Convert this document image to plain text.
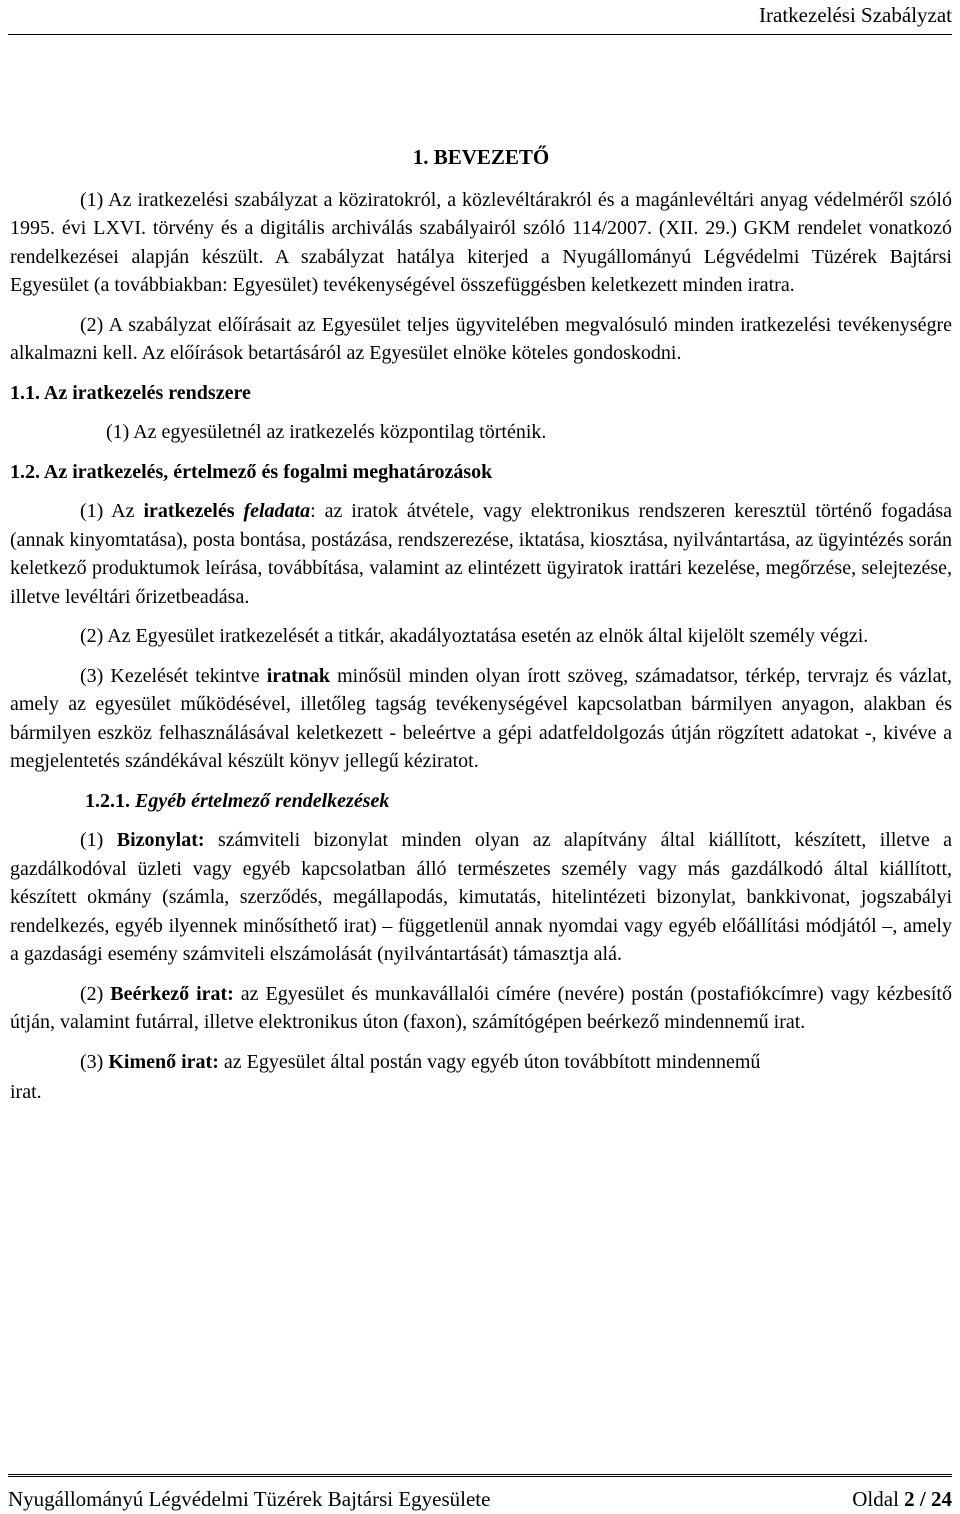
Iratkezelési Szabályzat
1. BEVEZETŐ

(1) Az iratkezelési szabályzat a köziratokról, a közlevéltárakról és a magánlevéltári anyag védelméről szóló 1995. évi LXVI. törvény és a digitális archiválás szabályairól szóló 114/2007. (XII. 29.) GKM rendelet vonatkozó rendelkezései alapján készült. A szabályzat hatálya kiterjed a Nyugállományú Légvédelmi Tüzérek Bajtársi Egyesület (a továbbiakban: Egyesület) tevékenységével összefüggésben keletkezett minden iratra.

(2) A szabályzat előírásait az Egyesület teljes ügyvitelében megvalósuló minden iratkezelési tevékenységre alkalmazni kell. Az előírások betartásáról az Egyesület elnöke köteles gondoskodni.

1.1. Az iratkezelés rendszere

(1) Az egyesületnél az iratkezelés központilag történik.

1.2. Az iratkezelés, értelmező és fogalmi meghatározások

(1) Az iratkezelés feladata: az iratok átvétele, vagy elektronikus rendszeren keresztül történő fogadása (annak kinyomtatása), posta bontása, postázása, rendszerezése, iktatása, kiosztása, nyilvántartása, az ügyintézés során keletkező produktumok leírása, továbbítása, valamint az elintézett ügyiratok irattári kezelése, megőrzése, selejtezése, illetve levéltári őrizetbeadása.

(2) Az Egyesület iratkezelését a titkár, akadályoztatása esetén az elnök által kijelölt személy végzi.

(3) Kezelését tekintve iratnak minősül minden olyan írott szöveg, számadatsor, térkép, tervrajz és vázlat, amely az egyesület működésével, illetőleg tagság tevékenységével kapcsolatban bármilyen anyagon, alakban és bármilyen eszköz felhasználásával keletkezett - beleértve a gépi adatfeldolgozás útján rögzített adatokat -, kivéve a megjelentetés szándékával készült könyv jellegű kéziratot.

1.2.1. Egyéb értelmező rendelkezések

(1) Bizonylat: számviteli bizonylat minden olyan az alapítvány által kiállított, készített, illetve a gazdálkodóval üzleti vagy egyéb kapcsolatban álló természetes személy vagy más gazdálkodó által kiállított, készített okmány (számla, szerződés, megállapodás, kimutatás, hitelintézeti bizonylat, bankkivonat, jogszabályi rendelkezés, egyéb ilyennek minősíthető irat) – függetlenül annak nyomdai vagy egyéb előállítási módjától –, amely a gazdasági esemény számviteli elszámolását (nyilvántartását) támasztja alá.

(2) Beérkező irat: az Egyesület és munkavállalói címére (nevére) postán (postafiókcímre) vagy kézbesítő útján, valamint futárral, illetve elektronikus úton (faxon), számítógépen beérkező mindennemű irat.

(3) Kimenő irat: az Egyesület által postán vagy egyéb úton továbbított mindennemű

irat.
Nyugállományú Légvédelmi Tüzérek Bajtársi Egyesülete	Oldal 2 / 24
